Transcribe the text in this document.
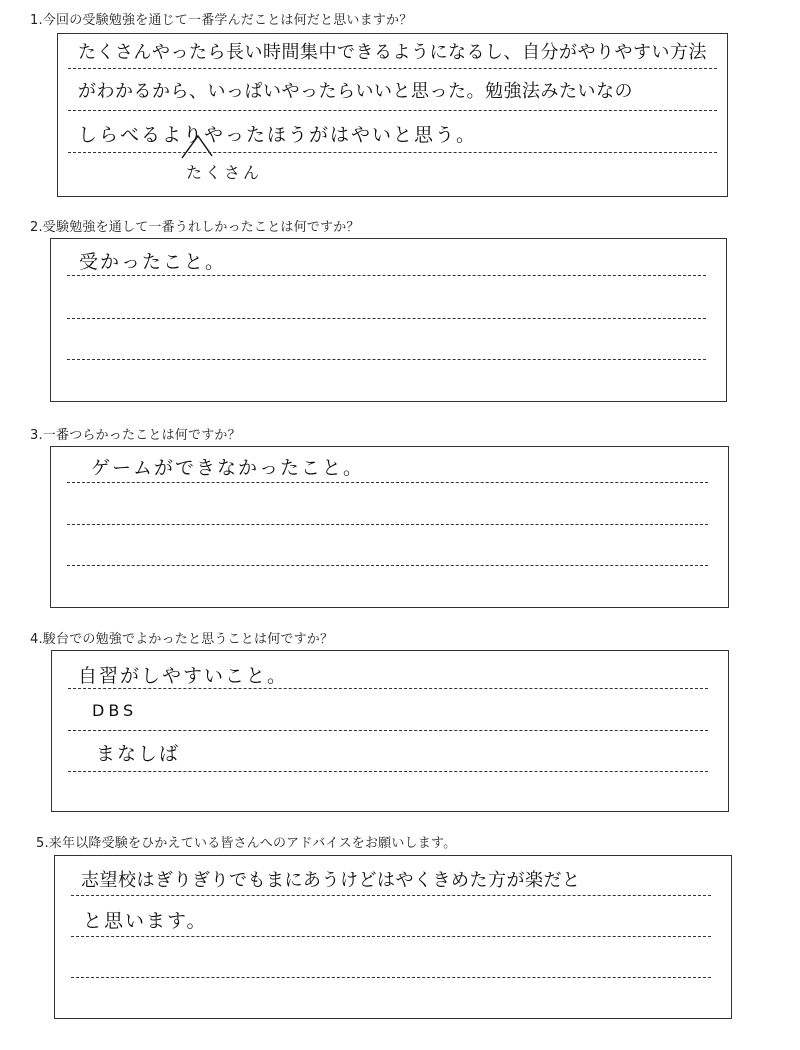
1.今回の受験勉強を通じて一番学んだことは何だと思いますか？
たくさんやったら長い時間集中できるようになるし、自分がやりやすい方法
がわかるから、いっぱいやったらいいと思った。勉強法みたいなの
しらべるよりやったほうがはやいと思う。
たくさん
2.受験勉強を通して一番うれしかったことは何ですか？
受かったこと。
3.一番つらかったことは何ですか？
ゲームができなかったこと。
4.駿台での勉強でよかったと思うことは何ですか？
自習がしやすいこと。
DBS
まなしば
5.来年以降受験をひかえている皆さんへのアドバイスをお願いします。
志望校はぎりぎりでもまにあうけどはやくきめた方が楽だと
と思います。
